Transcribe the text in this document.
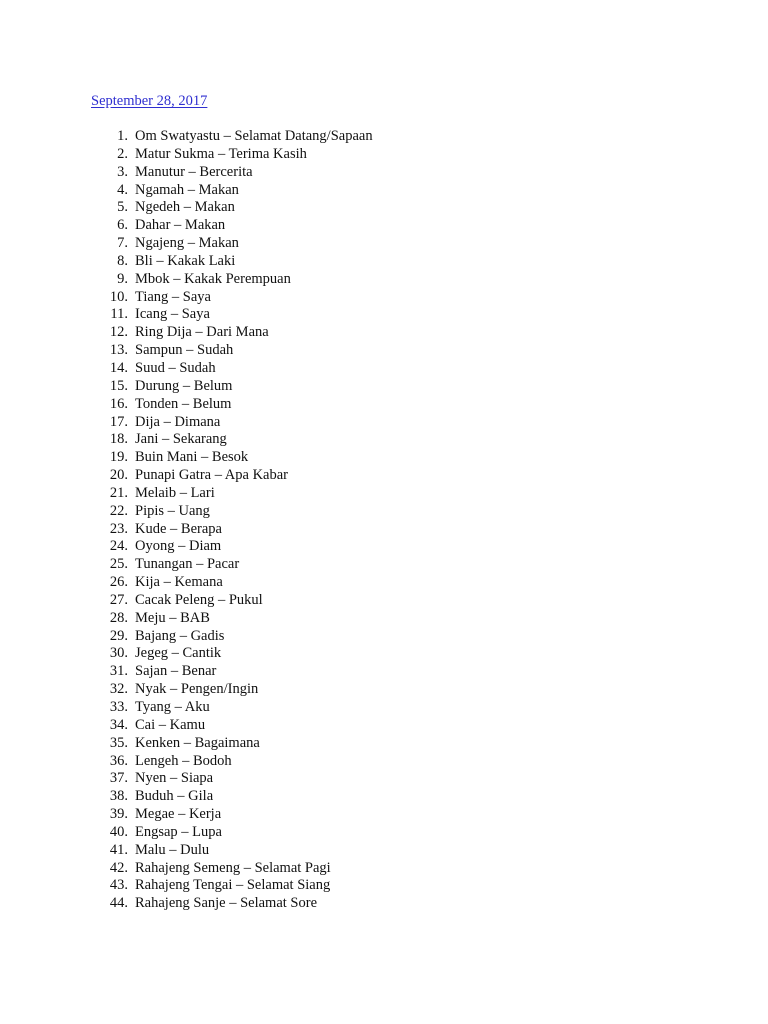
September 28, 2017
1. Om Swatyastu – Selamat Datang/Sapaan
2. Matur Sukma – Terima Kasih
3. Manutur – Bercerita
4. Ngamah – Makan
5. Ngedeh – Makan
6. Dahar – Makan
7. Ngajeng – Makan
8. Bli – Kakak Laki
9. Mbok – Kakak Perempuan
10. Tiang – Saya
11. Icang – Saya
12. Ring Dija – Dari Mana
13. Sampun – Sudah
14. Suud – Sudah
15. Durung – Belum
16. Tonden – Belum
17. Dija – Dimana
18. Jani – Sekarang
19. Buin Mani – Besok
20. Punapi Gatra – Apa Kabar
21. Melaib – Lari
22. Pipis – Uang
23. Kude – Berapa
24. Oyong – Diam
25. Tunangan – Pacar
26. Kija – Kemana
27. Cacak Peleng – Pukul
28. Meju – BAB
29. Bajang – Gadis
30. Jegeg – Cantik
31. Sajan – Benar
32. Nyak – Pengen/Ingin
33. Tyang – Aku
34. Cai – Kamu
35. Kenken – Bagaimana
36. Lengeh – Bodoh
37. Nyen – Siapa
38. Buduh – Gila
39. Megae – Kerja
40. Engsap – Lupa
41. Malu – Dulu
42. Rahajeng Semeng – Selamat Pagi
43. Rahajeng Tengai – Selamat Siang
44. Rahajeng Sanje – Selamat Sore
